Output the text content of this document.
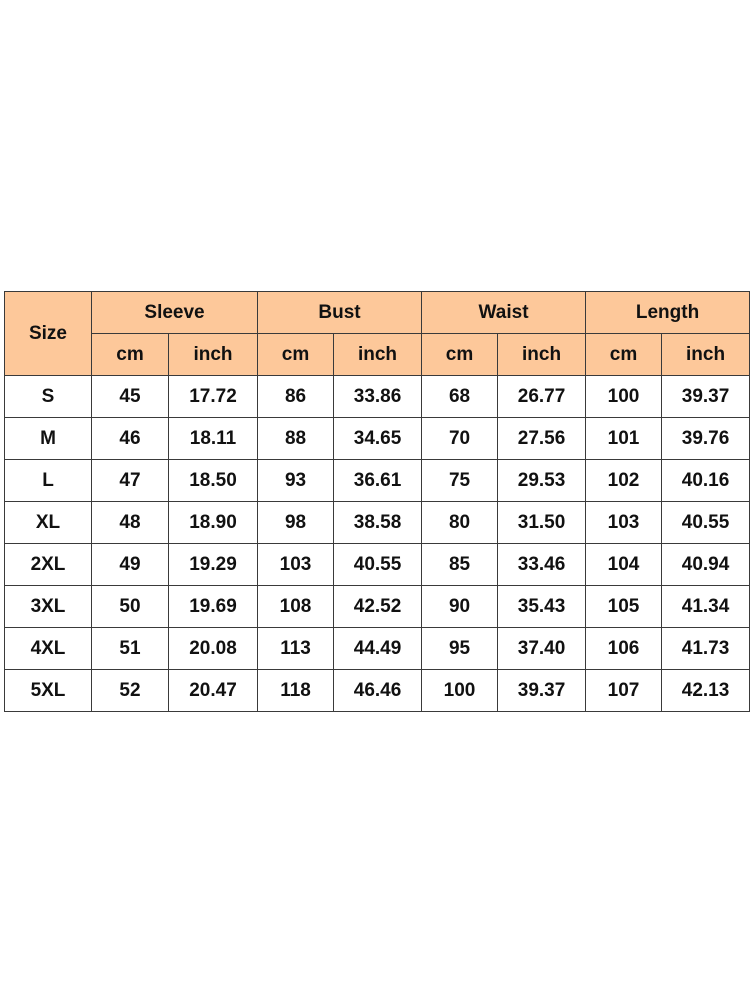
Size	Sleeve		Bust		Waist		Length	
	cm	inch	cm	inch	cm	inch	cm	inch
S	45	17.72	86	33.86	68	26.77	100	39.37
M	46	18.11	88	34.65	70	27.56	101	39.76
L	47	18.50	93	36.61	75	29.53	102	40.16
XL	48	18.90	98	38.58	80	31.50	103	40.55
2XL	49	19.29	103	40.55	85	33.46	104	40.94
3XL	50	19.69	108	42.52	90	35.43	105	41.34
4XL	51	20.08	113	44.49	95	37.40	106	41.73
5XL	52	20.47	118	46.46	100	39.37	107	42.13
